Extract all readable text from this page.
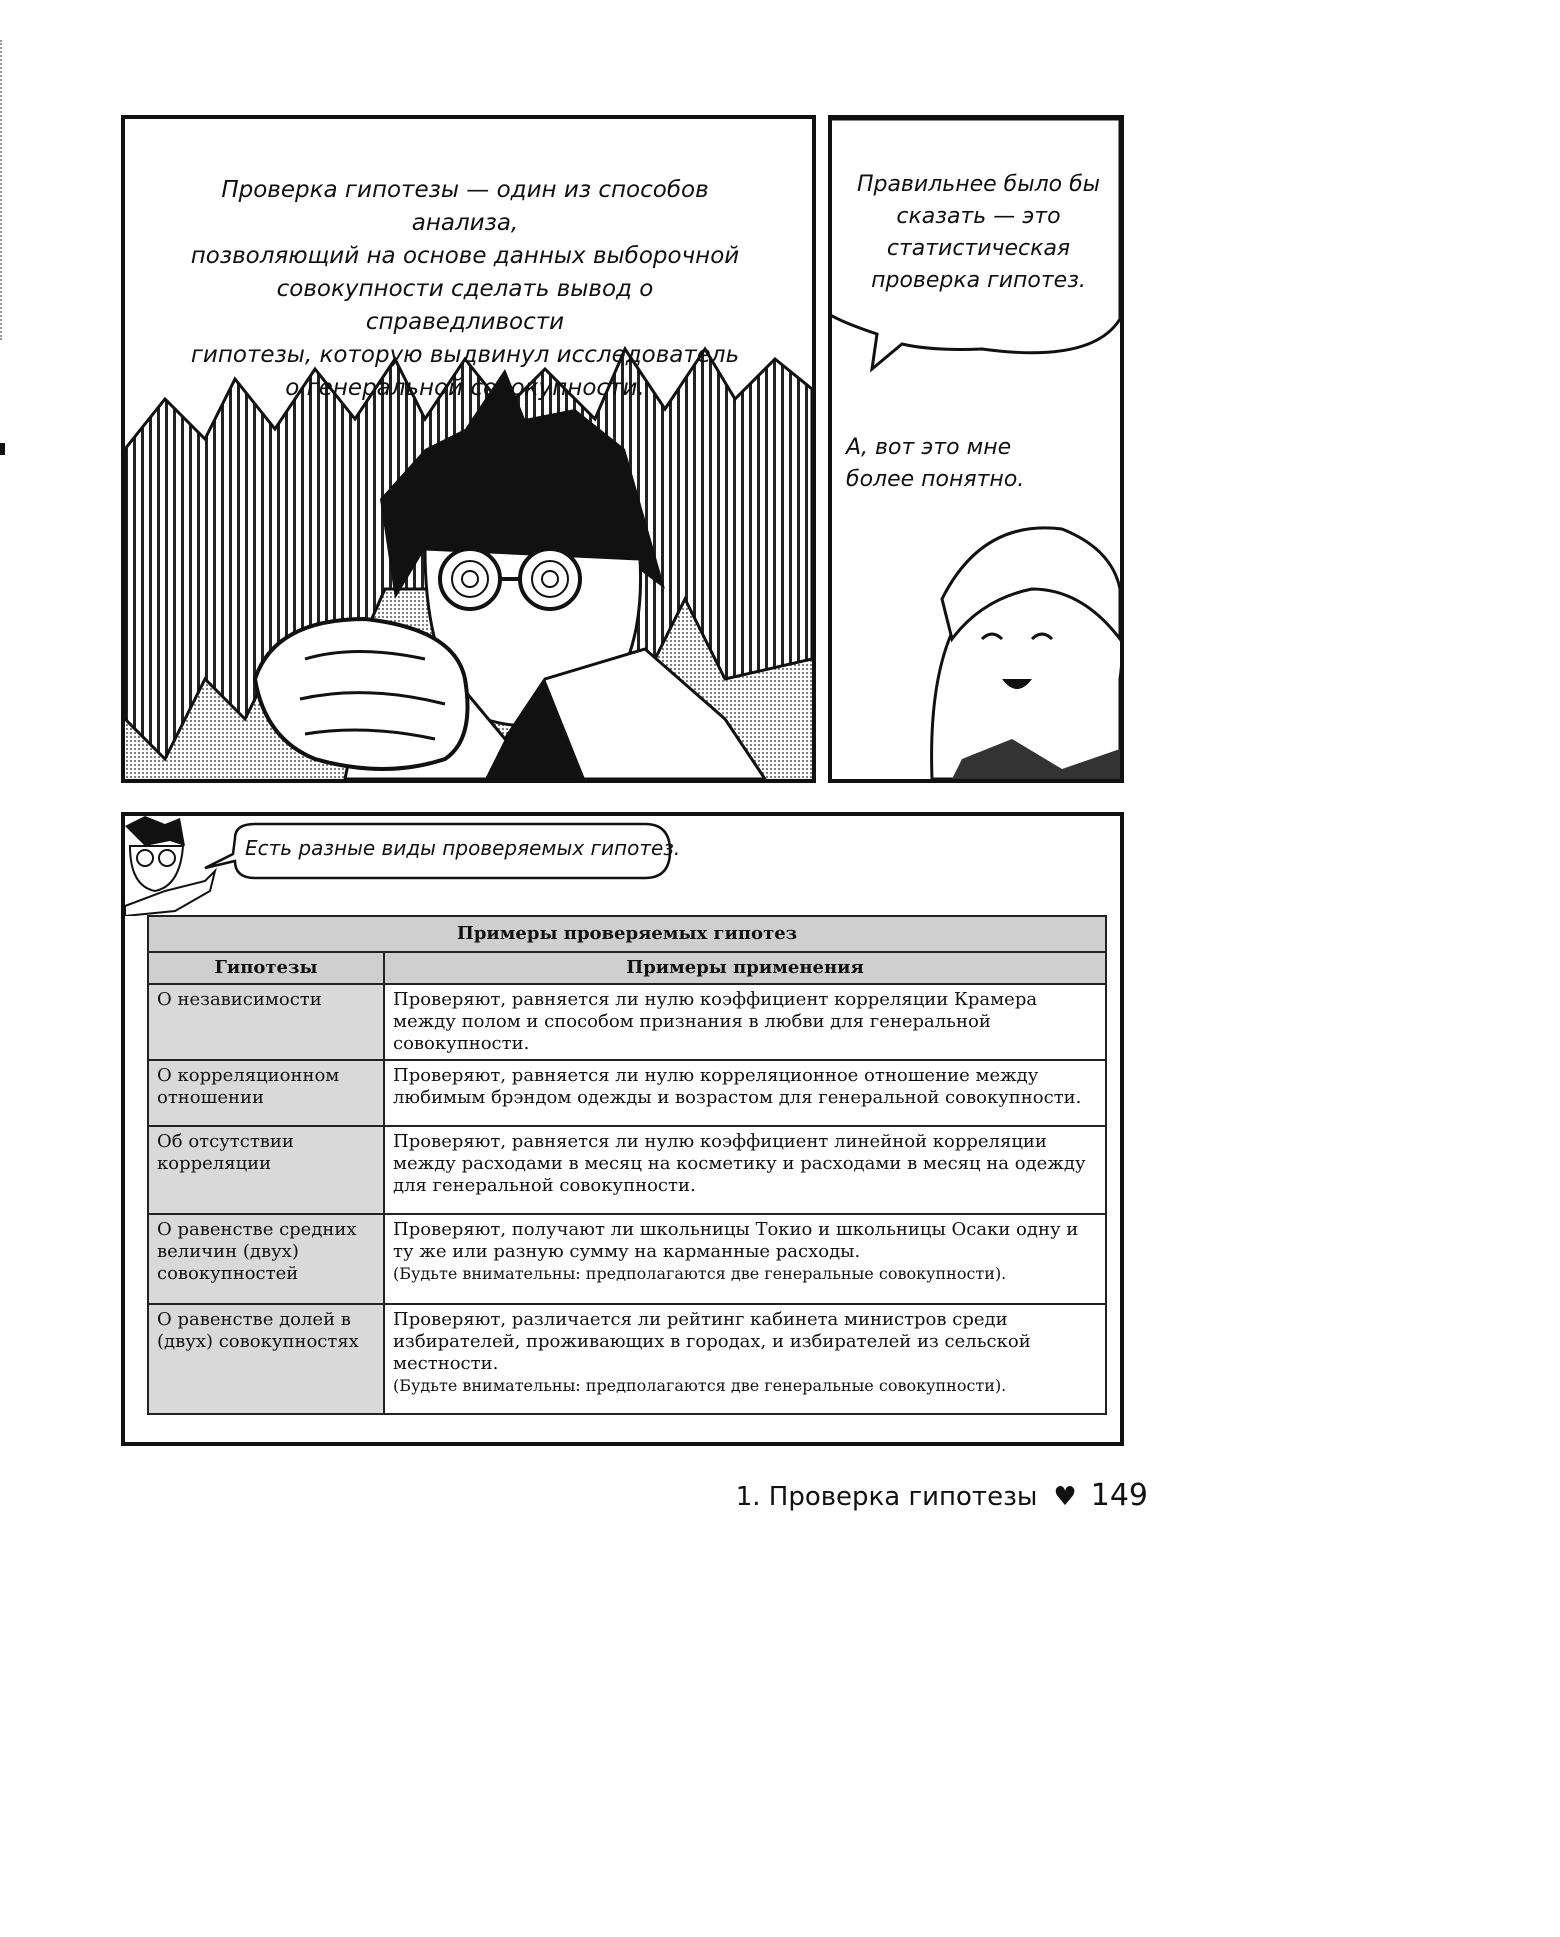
Проверка гипотезы — один из способов анализа,
позволяющий на основе данных выборочной
совокупности сделать вывод о справедливости
гипотезы, которую выдвинул исследователь
о генеральной совокупности.
Правильнее было бы
сказать — это
статистическая
проверка гипотез.
А, вот это мне
более понятно.
Есть разные виды проверяемых гипотез.
Примеры проверяемых гипотез	
Гипотезы	Примеры применения
О независимости	Проверяют, равняется ли нулю коэффициент корреляции Крамера между полом и способом признания в любви для генеральной совокупности.

О корреляционном отношении	Проверяют, равняется ли нулю корреляционное отношение между любимым брэндом одежды и возрастом для генеральной совокупности.

Об отсутствии корреляции	Проверяют, равняется ли нулю коэффициент линейной корреляции между расходами в месяц на косметику и расходами в месяц на одежду для генеральной совокупности.

О равенстве средних величин (двух) совокупностей	Проверяют, получают ли школьницы Токио и школьницы Осаки одну и ту же или разную сумму на карманные расходы.
(Будьте внимательны: предполагаются две генеральные совокупности).

О равенстве долей в (двух) совокупностях	Проверяют, различается ли рейтинг кабинета министров среди избирателей, проживающих в городах, и избирателей из сельской местности.
(Будьте внимательны: предполагаются две генеральные совокупности).
1. Проверка гипотезы ♥ 149
